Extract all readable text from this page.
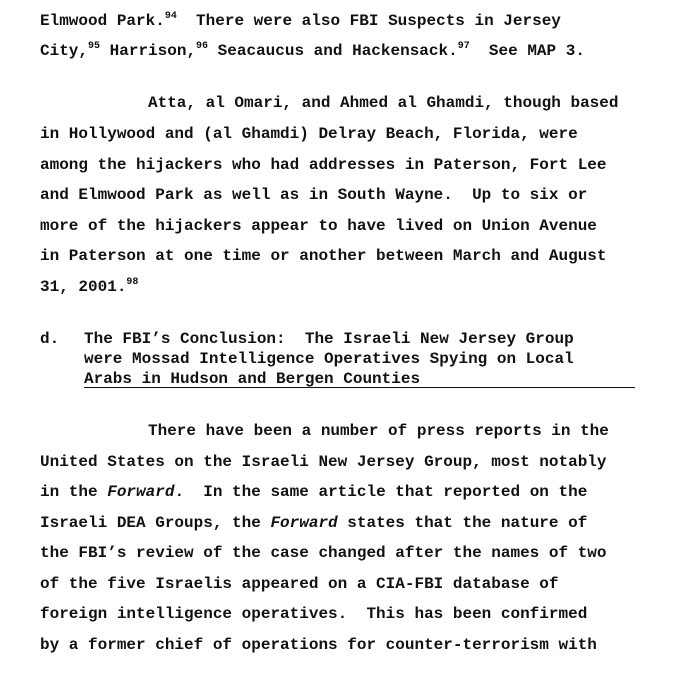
Elmwood Park.$^{94}$  There were also FBI Suspects in Jersey
City,$^{95}$ Harrison,$^{96}$ Seacaucus and Hackensack.$^{97}$  See MAP 3.
Atta, al Omari, and Ahmed al Ghamdi, though based
in Hollywood and (al Ghamdi) Delray Beach, Florida, were
among the hijackers who had addresses in Paterson, Fort Lee
and Elmwood Park as well as in South Wayne.  Up to six or
more of the hijackers appear to have lived on Union Avenue
in Paterson at one time or another between March and August
31, 2001.98
d. The FBI’s Conclusion:  The Israeli New Jersey Group
were Mossad Intelligence Operatives Spying on Local
Arabs in Hudson and Bergen Counties
There have been a number of press reports in the
United States on the Israeli New Jersey Group, most notably
in the Forward.  In the same article that reported on the
Israeli DEA Groups, the Forward states that the nature of
the FBI’s review of the case changed after the names of two
of the five Israelis appeared on a CIA-FBI database of
foreign intelligence operatives.  This has been confirmed
by a former chief of operations for counter-terrorism with
